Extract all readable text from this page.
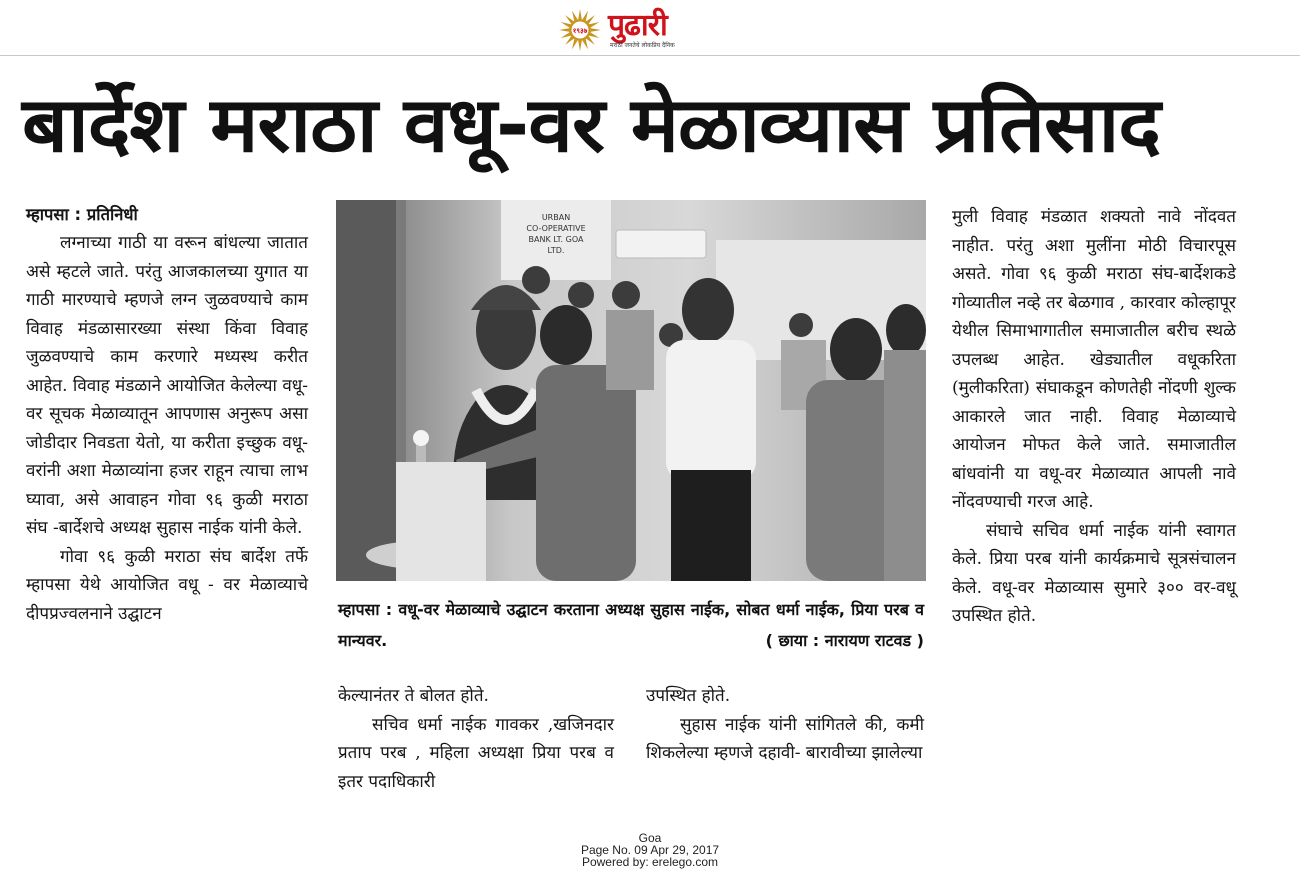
१९३७ पुढारी
मराठी जनतेचे लोकप्रिय दैनिक
बार्देश मराठा वधू-वर मेळाव्यास प्रतिसाद
म्हापसा : प्रतिनिधी

लग्नाच्या गाठी या वरून बांधल्या जातात असे म्हटले जाते. परंतु आजकालच्या युगात या गाठी मारण्याचे म्हणजे लग्न जुळवण्याचे काम विवाह मंडळासारख्या संस्था किंवा विवाह जुळवण्याचे काम करणारे मध्यस्थ करीत आहेत. विवाह मंडळाने आयोजित केलेल्या वधू-वर सूचक मेळाव्यातून आपणास अनुरूप असा जोडीदार निवडता येतो, या करीता इच्छुक वधू-वरांनी अशा मेळाव्यांना हजर राहून त्याचा लाभ घ्यावा, असे आवाहन गोवा ९६ कुळी मराठा संघ -बार्देशचे अध्यक्ष सुहास नाईक यांनी केले.

गोवा ९६ कुळी मराठा संघ बार्देश तर्फे म्हापसा येथे आयोजित वधू - वर मेळाव्याचे दीपप्रज्वलनाने उद्घाटन

URBAN
CO-OPERATIVE
BANK LT. GOA
LTD.
म्हापसा : वधू-वर मेळाव्याचे उद्घाटन करताना अध्यक्ष सुहास नाईक, सोबत धर्मा नाईक, प्रिया परब व मान्यवर.	( छाया : नारायण राटवड )

केल्यानंतर ते बोलत होते.

सचिव धर्मा नाईक गावकर ,खजिनदार प्रताप परब , महिला अध्यक्षा प्रिया परब व इतर पदाधिकारी

उपस्थित होते.

सुहास नाईक यांनी सांगितले की, कमी शिकलेल्या म्हणजे दहावी- बारावीच्या झालेल्या

मुली विवाह मंडळात शक्यतो नावे नोंदवत नाहीत. परंतु अशा मुलींना मोठी विचारपूस असते. गोवा ९६ कुळी मराठा संघ-बार्देशकडे गोव्यातील नव्हे तर बेळगाव , कारवार कोल्हापूर येथील सिमाभागातील समाजातील बरीच स्थळे उपलब्ध आहेत. खेड्यातील वधूकरिता (मुलीकरिता) संघाकडून कोणतेही नोंदणी शुल्क आकारले जात नाही. विवाह मेळाव्याचे आयोजन मोफत केले जाते. समाजातील बांधवांनी या वधू-वर मेळाव्यात आपली नावे नोंदवण्याची गरज आहे.

संघाचे सचिव धर्मा नाईक यांनी स्वागत केले. प्रिया परब यांनी कार्यक्रमाचे सूत्रसंचालन केले. वधू-वर मेळाव्यास सुमारे ३०० वर-वधू उपस्थित होते.

Goa
Page No. 09 Apr 29, 2017
Powered by: erelego.com
